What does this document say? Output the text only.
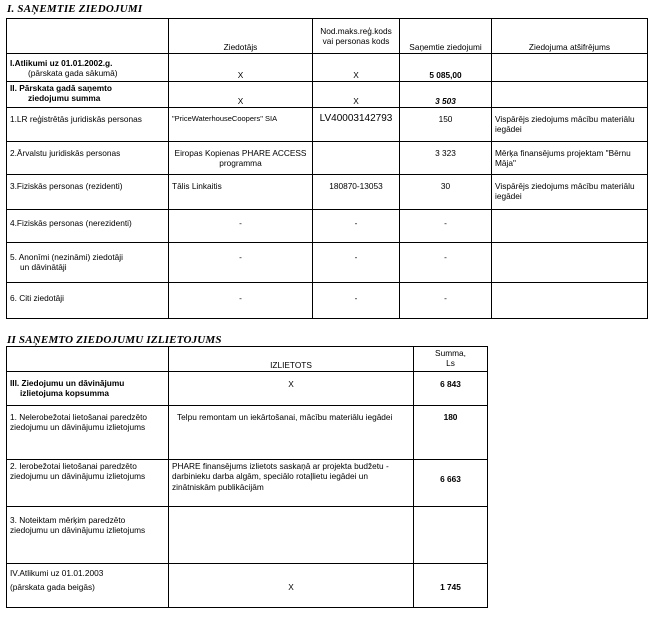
I. SAŅEMTIE ZIEDOJUMI
	Ziedotājs	Nod.maks.reģ.kods vai personas kods	Saņemtie ziedojumi	Ziedojuma atšifrējums

I.Atlikumi uz 01.01.2002.g.
(pārskata gada sākumā)	X	X	5 085,00	

II. Pārskata gadā saņemto
ziedojumu summa	X	X	3 503	
1.LR reģistrētās juridiskās personas	"PriceWaterhouseCoopers" SIA	LV40003142793	150	Vispārējs ziedojums mācību materiālu iegādei
2.Ārvalstu juridiskās personas	Eiropas Kopienas PHARE ACCESS programma		3 323	Mērķa finansējums projektam "Bērnu Māja"
3.Fiziskās personas (rezidenti)	Tālis Linkaitis	180870-13053	30	Vispārējs ziedojums mācību materiālu iegādei
4.Fiziskās personas (nerezidenti)	-	-	-	

5. Anonīmi (nezināmi) ziedotāji
un dāvinātāji	-	-	-	
6. Citi ziedotāji	-	-	-	
II SAŅEMTO ZIEDOJUMU IZLIETOJUMS
	IZLIETOTS	Summa,
Ls

III. Ziedojumu un dāvinājumu
izlietojuma kopsumma	X	6 843
1. Nelerobežotai lietošanai paredzēto ziedojumu un dāvinājumu izlietojums	Telpu remontam un iekārtošanai, mācību materiālu iegādei	180
2. Ierobežotai lietošanai paredzēto ziedojumu un dāvinājumu izlietojums	PHARE finansējums izlietots saskaņā ar projekta budžetu - darbinieku darba algām, speciālo rotaļlietu iegādei un zinātniskām publikācijām	6 663
3. Noteiktam mērķim paredzēto ziedojumu un dāvinājumu izlietojums		

IV.Atlikumi uz 01.01.2003
(pārskata gada beigās)	X	1 745
